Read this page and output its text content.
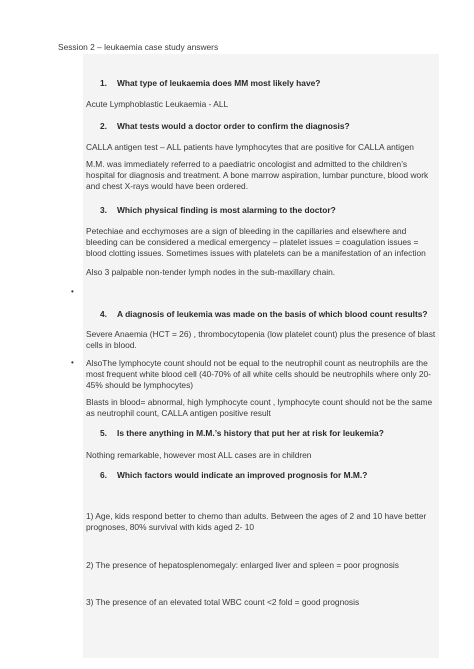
Session 2 – leukaemia case study answers
1. What type of leukaemia does MM most likely have?
Acute Lymphoblastic Leukaemia - ALL
2. What tests would a doctor order to confirm the diagnosis?
CALLA antigen test – ALL patients have lymphocytes that are positive for CALLA antigen
M.M. was immediately referred to a paediatric oncologist and admitted to the children’s hospital for diagnosis and treatment. A bone marrow aspiration, lumbar puncture, blood work and chest X-rays would have been ordered.
3. Which physical finding is most alarming to the doctor?
Petechiae and ecchymoses are a sign of bleeding in the capillaries and elsewhere and bleeding can be considered a medical emergency – platelet issues = coagulation issues = blood clotting issues. Sometimes issues with platelets can be a manifestation of an infection
Also 3 palpable non-tender lymph nodes in the sub-maxillary chain.
•
4. A diagnosis of leukemia was made on the basis of which blood count results?
Severe Anaemia (HCT = 26) , thrombocytopenia (low platelet count) plus the presence of blast cells in blood.
• AlsoThe lymphocyte count should not be equal to the neutrophil count as neutrophils are the most frequent white blood cell (40-70% of all white cells should be neutrophils where only 20-45% should be lymphocytes)
Blasts in blood= abnormal, high lymphocyte count , lymphocyte count should not be the same as neutrophil count, CALLA antigen positive result
5. Is there anything in M.M.’s history that put her at risk for leukemia?
Nothing remarkable, however most ALL cases are in children
6. Which factors would indicate an improved prognosis for M.M.?
1) Age, kids respond better to chemo than adults. Between the ages of 2 and 10 have better prognoses, 80% survival with kids aged 2- 10
2) The presence of hepatosplenomegaly: enlarged liver and spleen = poor prognosis
3) The presence of an elevated total WBC count <2 fold = good prognosis
